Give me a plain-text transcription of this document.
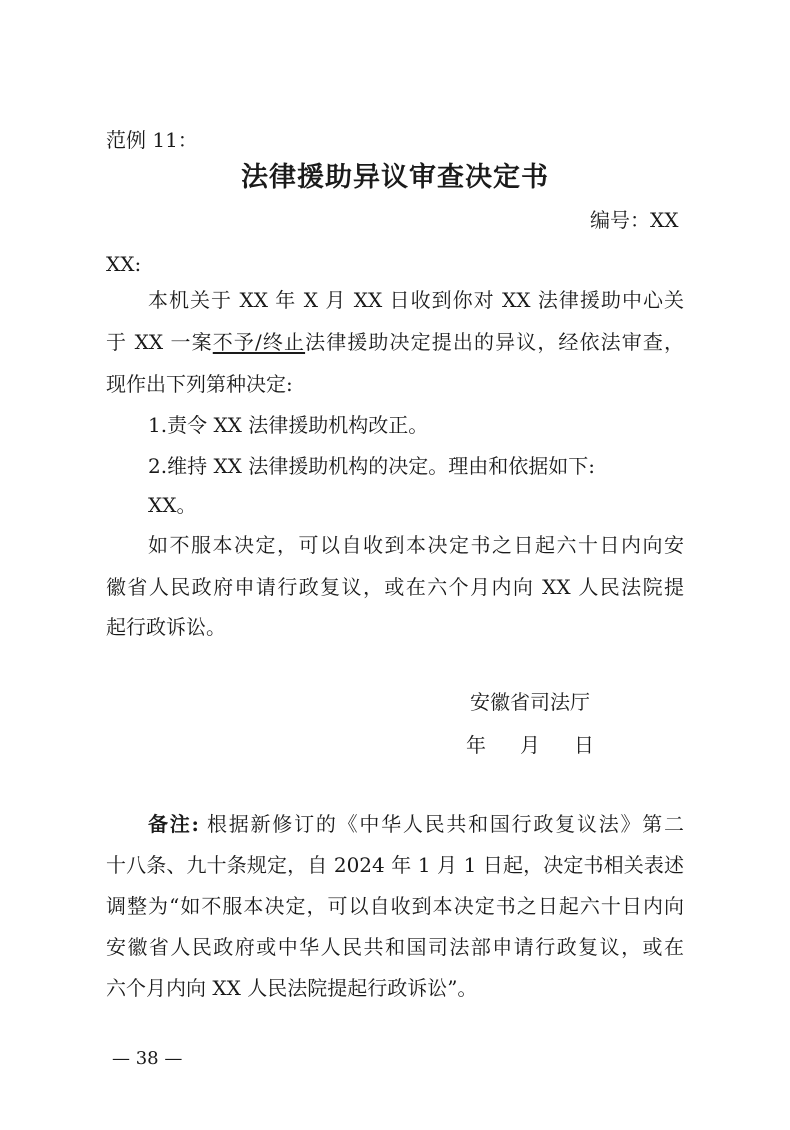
范例 11：
法律援助异议审查决定书
编号：XX
XX:
本机关于 XX 年 X 月 XX 日收到你对 XX 法律援助中心关
于 XX 一案不予/终止法律援助决定提出的异议，经依法审查，
现作出下列第种决定:
1.责令 XX 法律援助机构改正。
2.维持 XX 法律援助机构的决定。理由和依据如下:
XX。
如不服本决定，可以自收到本决定书之日起六十日内向安
徽省人民政府申请行政复议，或在六个月内向 XX 人民法院提
起行政诉讼。
安徽省司法厅
年月日
备注: 根据新修订的《中华人民共和国行政复议法》第二
十八条、九十条规定，自 2024 年 1 月 1 日起，决定书相关表述
调整为“如不服本决定，可以自收到本决定书之日起六十日内向
安徽省人民政府或中华人民共和国司法部申请行政复议，或在
六个月内向 XX 人民法院提起行政诉讼”。
— 38 —
